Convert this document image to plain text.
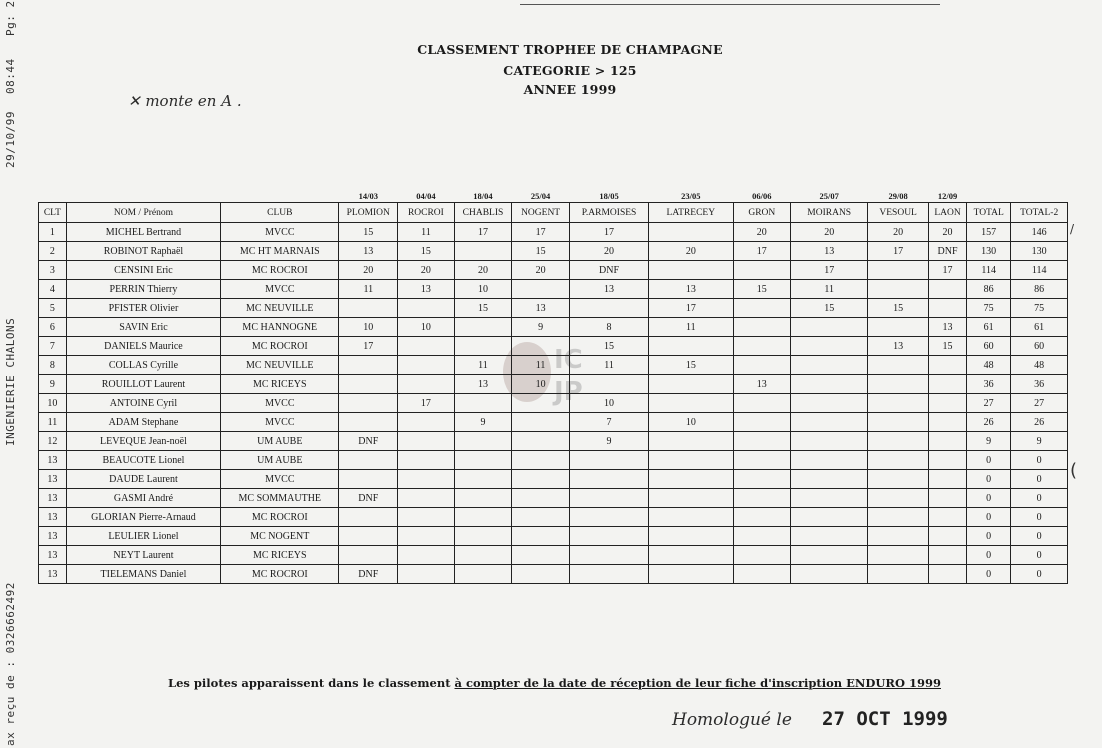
ax reçu de : 0326662492
INGENIERIE CHALONS
29/10/99
08:44
Pg: 2
CLASSEMENT TROPHEE DE CHAMPAGNE
CATEGORIE > 125
ANNEE 1999
✕ monte en A .
IC
JP
			14/03	04/04	18/04	25/04	18/05	23/05	06/06	25/07	29/08	12/09		
CLT	NOM / Prénom	CLUB	PLOMION	ROCROI	CHABLIS	NOGENT	P.ARMOISES	LATRECEY	GRON	MOIRANS	VESOUL	LAON	TOTAL	TOTAL-2
1	MICHEL Bertrand	MVCC	15	11	17	17	17		20	20	20	20	157	146
2	ROBINOT Raphaël	MC HT MARNAIS	13	15		15	20	20	17	13	17	DNF	130	130
3	CENSINI Eric	MC ROCROI	20	20	20	20	DNF			17		17	114	114
4	PERRIN Thierry	MVCC	11	13	10		13	13	15	11			86	86
5	PFISTER Olivier	MC NEUVILLE			15	13		17		15	15		75	75
6	SAVIN Eric	MC HANNOGNE	10	10		9	8	11				13	61	61
7	DANIELS Maurice	MC ROCROI	17				15				13	15	60	60
8	COLLAS Cyrille	MC NEUVILLE			11	11	11	15					48	48
9	ROUILLOT Laurent	MC RICEYS			13	10			13				36	36
10	ANTOINE Cyril	MVCC		17			10						27	27
11	ADAM Stephane	MVCC			9		7	10					26	26
12	LEVEQUE Jean-noël	UM AUBE	DNF				9						9	9
13	BEAUCOTE Lionel	UM AUBE											0	0
13	DAUDE Laurent	MVCC											0	0
13	GASMI André	MC SOMMAUTHE	DNF										0	0
13	GLORIAN Pierre-Arnaud	MC ROCROI											0	0
13	LEULIER Lionel	MC NOGENT											0	0
13	NEYT Laurent	MC RICEYS											0	0
13	TIELEMANS Daniel	MC ROCROI	DNF										0	0
/
(
Les pilotes apparaissent dans le classement à compter de la date de réception de leur fiche d'inscription ENDURO 1999
Homologué le 27 OCT 1999
